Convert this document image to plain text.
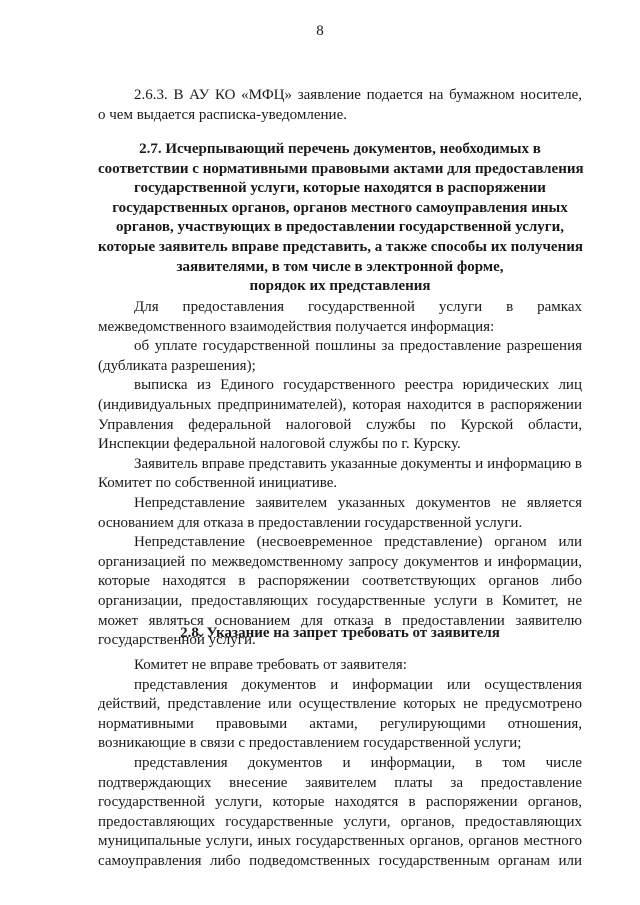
8
2.6.3. В АУ КО «МФЦ» заявление подается на бумажном носителе,
о чем выдается расписка-уведомление.
2.7. Исчерпывающий перечень документов, необходимых в
соответствии с нормативными правовыми актами для предоставления
государственной услуги, которые находятся в распоряжении
государственных органов, органов местного самоуправления иных
органов, участвующих в предоставлении государственной услуги,
которые заявитель вправе представить, а также способы их получения
заявителями, в том числе в электронной форме,
порядок их представления
Для предоставления государственной услуги в рамках
межведомственного взаимодействия получается информация:
об уплате государственной пошлины за предоставление разрешения
(дубликата разрешения);
выписка из Единого государственного реестра юридических лиц
(индивидуальных предпринимателей), которая находится в распоряжении
Управления федеральной налоговой службы по Курской области,
Инспекции федеральной налоговой службы по г. Курску.
Заявитель вправе представить указанные документы и информацию в
Комитет по собственной инициативе.
Непредставление заявителем указанных документов не является
основанием для отказа в предоставлении государственной услуги.
Непредставление (несвоевременное представление) органом или
организацией по межведомственному запросу документов и информации,
которые находятся в распоряжении соответствующих органов либо
организации, предоставляющих государственные услуги в Комитет, не
может являться основанием для отказа в предоставлении заявителю
государственной услуги.
2.8. Указание на запрет требовать от заявителя
Комитет не вправе требовать от заявителя:
представления документов и информации или осуществления
действий, представление или осуществление которых не предусмотрено
нормативными правовыми актами, регулирующими отношения,
возникающие в связи с предоставлением государственной услуги;
представления документов и информации, в том числе
подтверждающих внесение заявителем платы за предоставление
государственной услуги, которые находятся в распоряжении органов,
предоставляющих государственные услуги, органов, предоставляющих
муниципальные услуги, иных государственных органов, органов местного
самоуправления либо подведомственных государственным органам или
